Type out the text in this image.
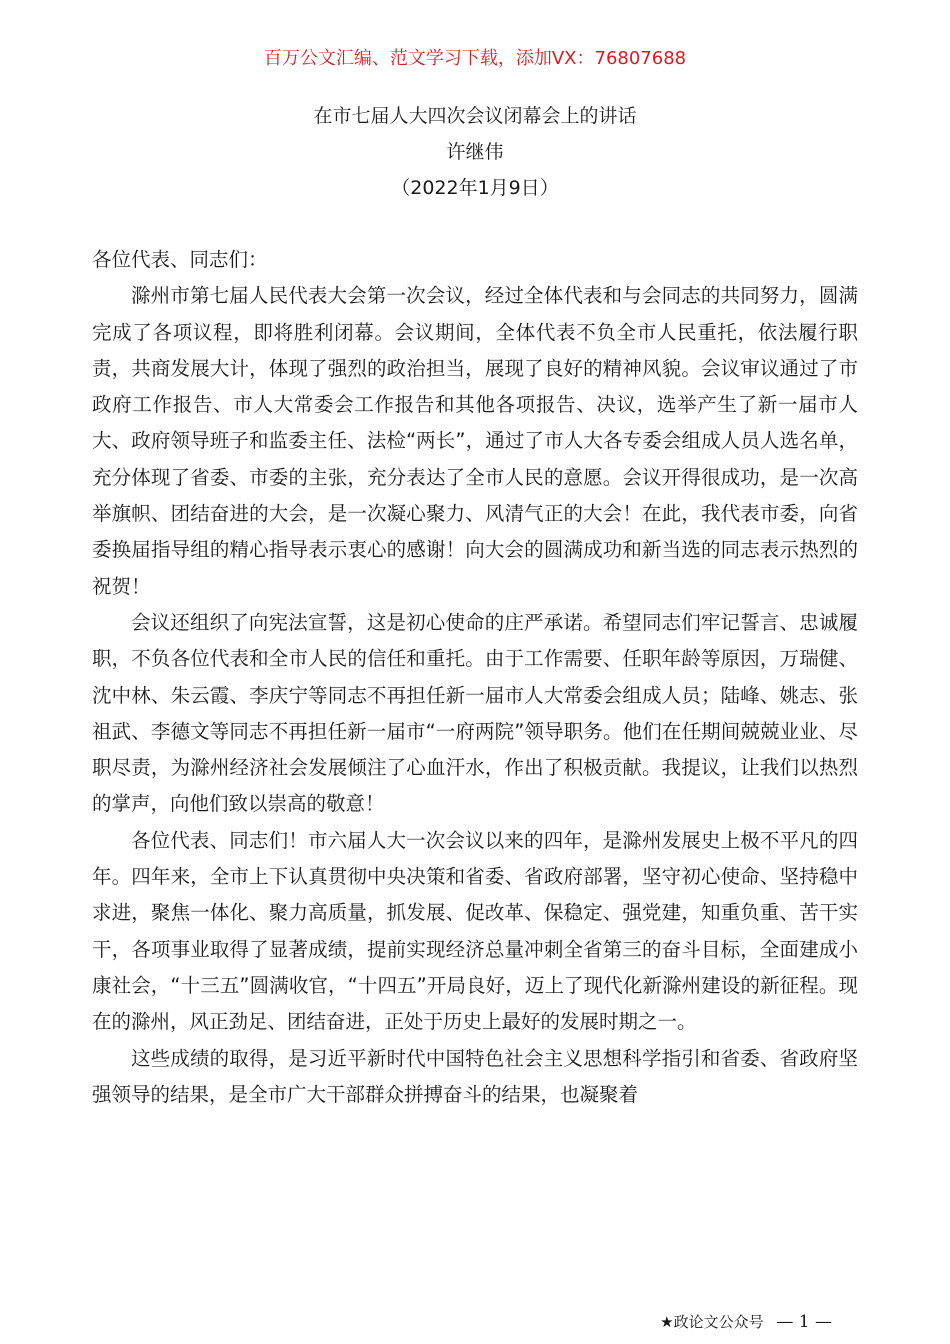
百万公文汇编、范文学习下载，添加VX：76807688
在市七届人大四次会议闭幕会上的讲话
许继伟
（2022年1月9日）

各位代表、同志们：

滁州市第七届人民代表大会第一次会议，经过全体代表和与会同志的共同努力，圆满完成了各项议程，即将胜利闭幕。会议期间，全体代表不负全市人民重托，依法履行职责，共商发展大计，体现了强烈的政治担当，展现了良好的精神风貌。会议审议通过了市政府工作报告、市人大常委会工作报告和其他各项报告、决议，选举产生了新一届市人大、政府领导班子和监委主任、法检“两长”，通过了市人大各专委会组成人员人选名单，充分体现了省委、市委的主张，充分表达了全市人民的意愿。会议开得很成功，是一次高举旗帜、团结奋进的大会，是一次凝心聚力、风清气正的大会！在此，我代表市委，向省委换届指导组的精心指导表示衷心的感谢！向大会的圆满成功和新当选的同志表示热烈的祝贺！

会议还组织了向宪法宣誓，这是初心使命的庄严承诺。希望同志们牢记誓言、忠诚履职，不负各位代表和全市人民的信任和重托。由于工作需要、任职年龄等原因，万瑞健、沈中林、朱云霞、李庆宁等同志不再担任新一届市人大常委会组成人员；陆峰、姚志、张祖武、李德文等同志不再担任新一届市“一府两院”领导职务。他们在任期间兢兢业业、尽职尽责，为滁州经济社会发展倾注了心血汗水，作出了积极贡献。我提议，让我们以热烈的掌声，向他们致以崇高的敬意！

各位代表、同志们！市六届人大一次会议以来的四年，是滁州发展史上极不平凡的四年。四年来，全市上下认真贯彻中央决策和省委、省政府部署，坚守初心使命、坚持稳中求进，聚焦一体化、聚力高质量，抓发展、促改革、保稳定、强党建，知重负重、苦干实干，各项事业取得了显著成绩，提前实现经济总量冲刺全省第三的奋斗目标，全面建成小康社会，“十三五”圆满收官，“十四五”开局良好，迈上了现代化新滁州建设的新征程。现在的滁州，风正劲足、团结奋进，正处于历史上最好的发展时期之一。

这些成绩的取得，是习近平新时代中国特色社会主义思想科学指引和省委、省政府坚强领导的结果，是全市广大干部群众拼搏奋斗的结果，也凝聚着

★政论文公众号 — 1 —
